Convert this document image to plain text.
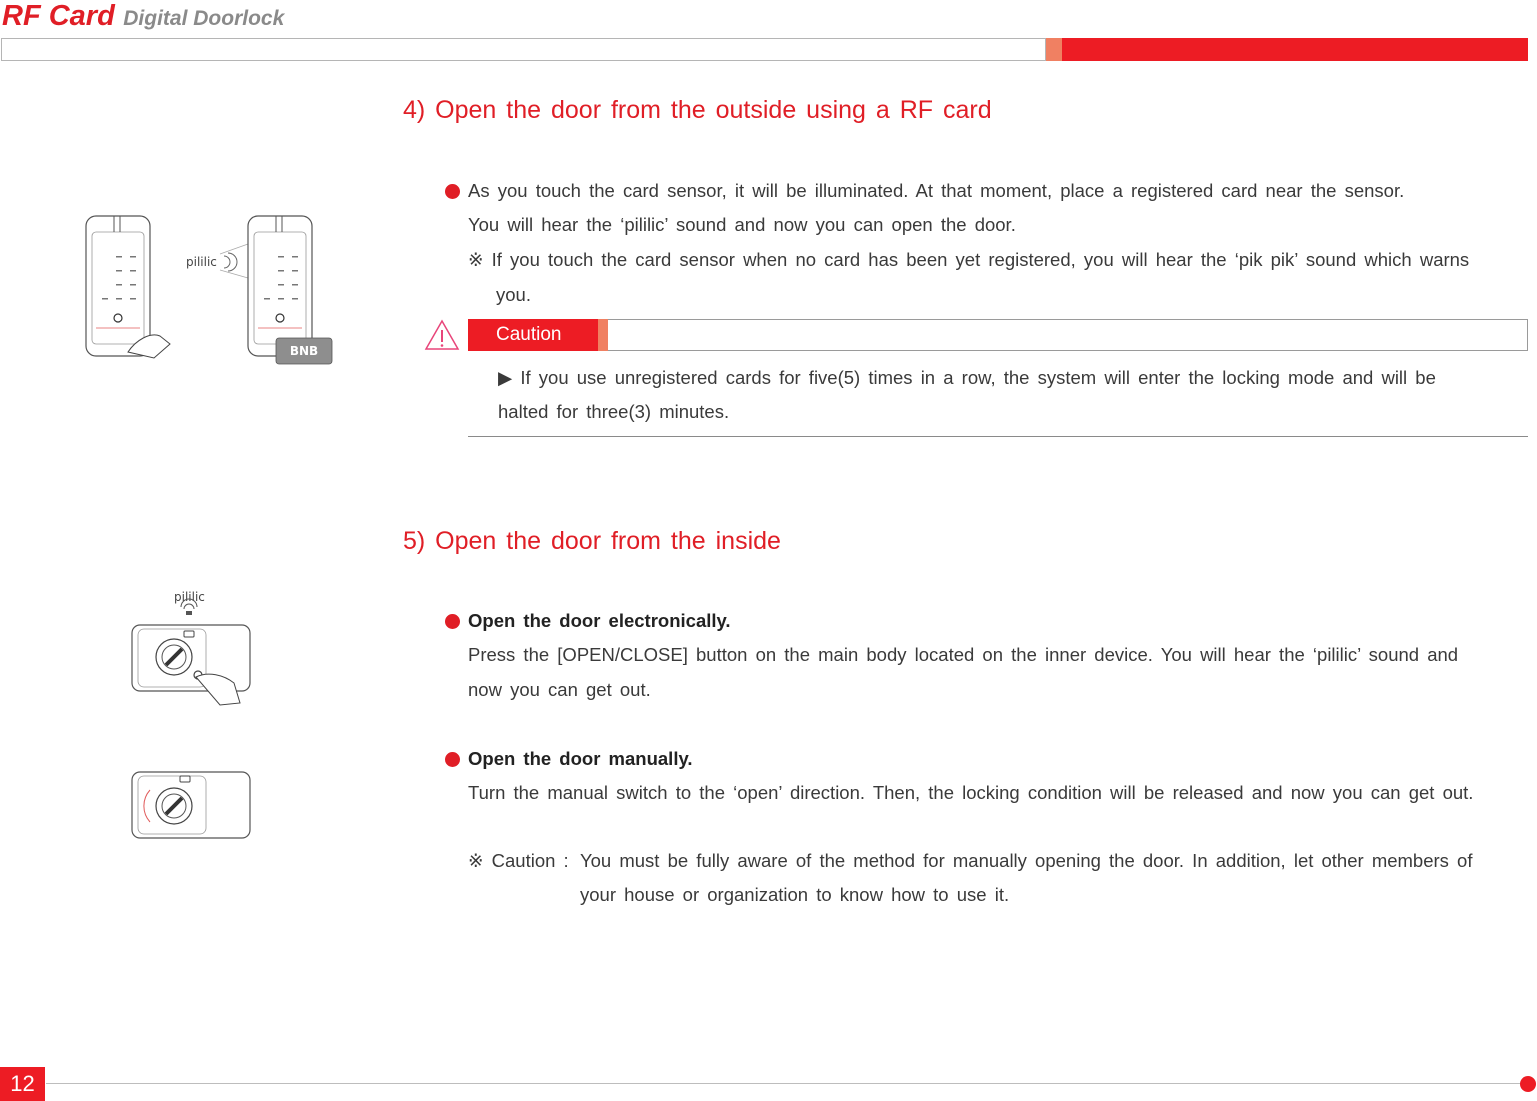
RF Card Digital Doorlock
4) Open the door from the outside using a RF card
As you touch the card sensor, it will be illuminated. At that moment, place a registered card near the sensor.
You will hear the ‘pililic’ sound and now you can open the door.
※ If you touch the card sensor when no card has been yet registered, you will hear the ‘pik pik’ sound which warns
you.
Caution
▶ If you use unregistered cards for five(5) times in a row, the system will enter the locking mode and will be
halted for three(3) minutes.
pililic
BNB
5) Open the door from the inside
Open the door electronically.
Press the [OPEN/CLOSE] button on the main body located on the inner device. You will hear the ‘pililic’ sound and
now you can get out.
Open the door manually.
Turn the manual switch to the ‘open’ direction. Then, the locking condition will be released and now you can get out.
※ Caution : You must be fully aware of the method for manually opening the door. In addition, let other members of
your house or organization to know how to use it.
pililic
12
